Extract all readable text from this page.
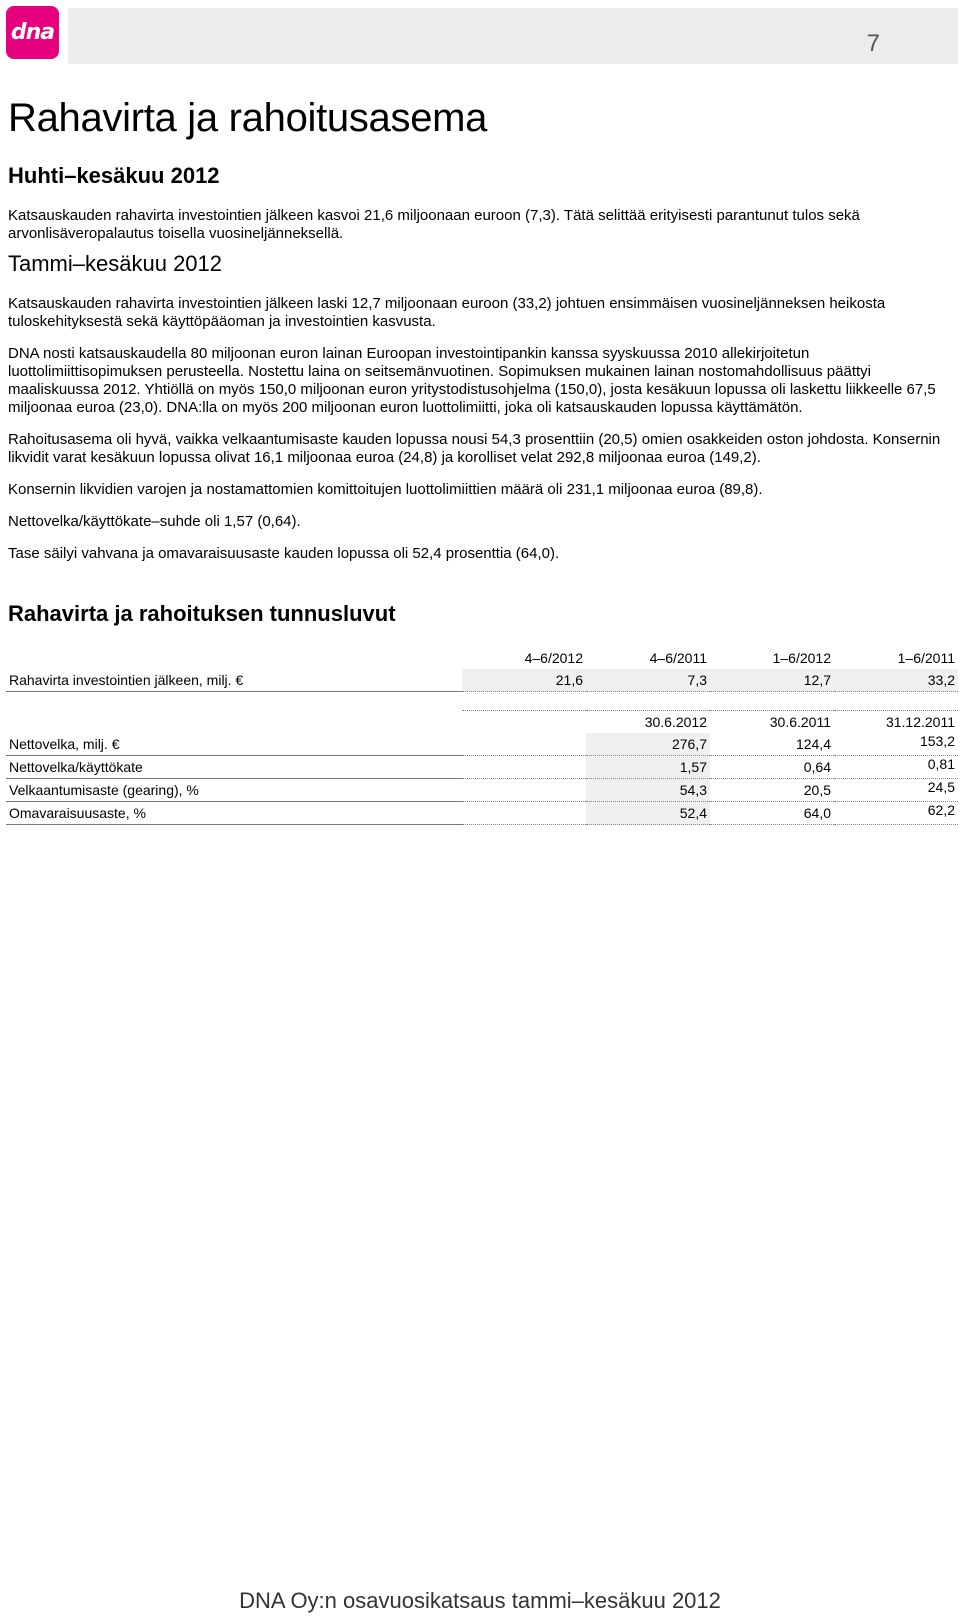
dna	7
Rahavirta ja rahoitusasema
Huhti–kesäkuu 2012

Katsauskauden rahavirta investointien jälkeen kasvoi 21,6 miljoonaan euroon (7,3). Tätä selittää erityisesti parantunut tulos sekä arvonlisäveropalautus toisella vuosineljänneksellä.

Tammi–kesäkuu 2012

Katsauskauden rahavirta investointien jälkeen laski 12,7 miljoonaan euroon (33,2) johtuen ensimmäisen vuosineljänneksen heikosta tuloskehityksestä sekä käyttöpääoman ja investointien kasvusta.

DNA nosti katsauskaudella 80 miljoonan euron lainan Euroopan investointipankin kanssa syyskuussa 2010 allekirjoitetun luottolimiittisopimuksen perusteella. Nostettu laina on seitsemänvuotinen. Sopimuksen mukainen lainan nostomahdollisuus päättyi maaliskuussa 2012. Yhtiöllä on myös 150,0 miljoonan euron yritystodistusohjelma (150,0), josta kesäkuun lopussa oli laskettu liikkeelle 67,5 miljoonaa euroa (23,0). DNA:lla on myös 200 miljoonan euron luottolimiitti, joka oli katsauskauden lopussa käyttämätön.

Rahoitusasema oli hyvä, vaikka velkaantumisaste kauden lopussa nousi 54,3 prosenttiin (20,5) omien osakkeiden oston johdosta. Konsernin likvidit varat kesäkuun lopussa olivat 16,1 miljoonaa euroa (24,8) ja korolliset velat 292,8 miljoonaa euroa (149,2).

Konsernin likvidien varojen ja nostamattomien komittoitujen luottolimiittien määrä oli 231,1 miljoonaa euroa (89,8).

Nettovelka/käyttökate–suhde oli 1,57 (0,64).

Tase säilyi vahvana ja omavaraisuusaste kauden lopussa oli 52,4 prosenttia (64,0).

Rahavirta ja rahoituksen tunnusluvut
	4–6/2012	4–6/2011	1–6/2012	1–6/2011
Rahavirta investointien jälkeen, milj. €	21,6	7,3	12,7	33,2

		30.6.2012	30.6.2011	31.12.2011
Nettovelka, milj. €		276,7	124,4	153,2
Nettovelka/käyttökate		1,57	0,64	0,81
Velkaantumisaste (gearing), %		54,3	20,5	24,5
Omavaraisuusaste, %		52,4	64,0	62,2
DNA Oy:n osavuosikatsaus tammi–kesäkuu 2012
